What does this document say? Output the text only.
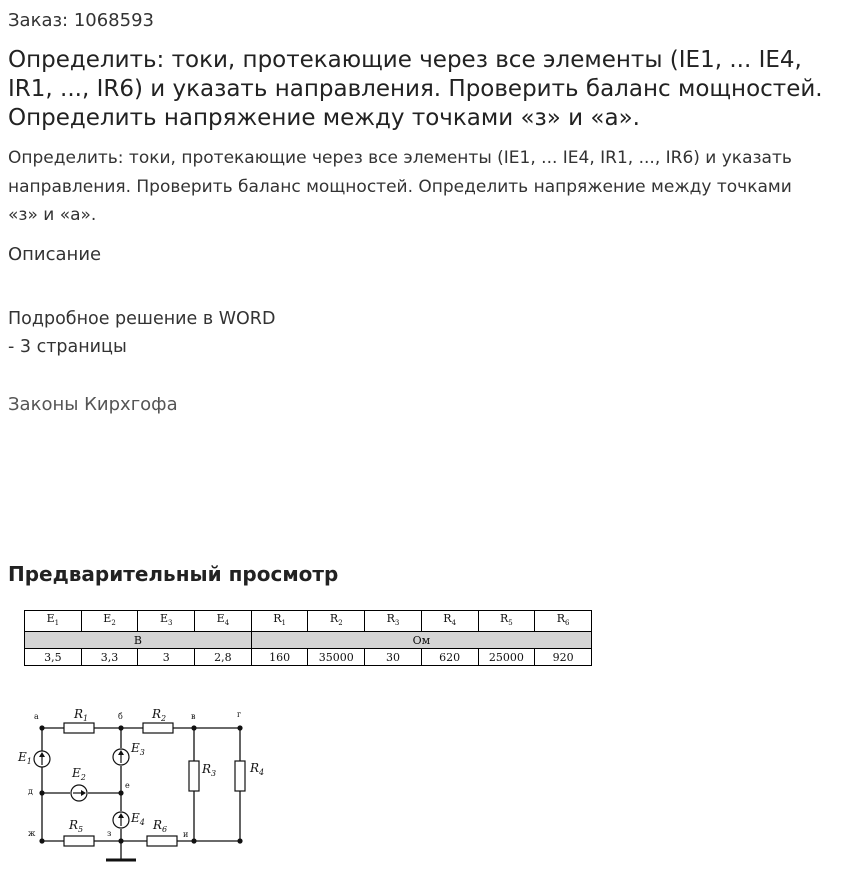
Заказ: 1068593
Определить: токи, протекающие через все элементы (IE1, ... IE4, IR1, ..., IR6) и указать направления. Проверить баланс мощностей. Определить напряжение между точками «з» и «а».

Определить: токи, протекающие через все элементы (IE1, ... IE4, IR1, ..., IR6) и указать направления. Проверить баланс мощностей. Определить напряжение между точками «з» и «а».

Описание
Подробное решение в WORD
- 3 страницы
Законы Кирхгофа
Предварительный просмотр
$E_1$	$E_2$	$E_3$	$E_4$	$R_1$	$R_2$	$R_3$	$R_4$	$R_5$	$R_6$
В				Ом					
3,5	3,3	3	2,8	160	35000	30	620	25000	920
а	б	в	г
д
е
ж	з	и
$R_1$	$R_2$
$R_3$	$R_4$
$R_5$	$R_6$
$E_1$
$E_2$
$E_3$
$E_4$
